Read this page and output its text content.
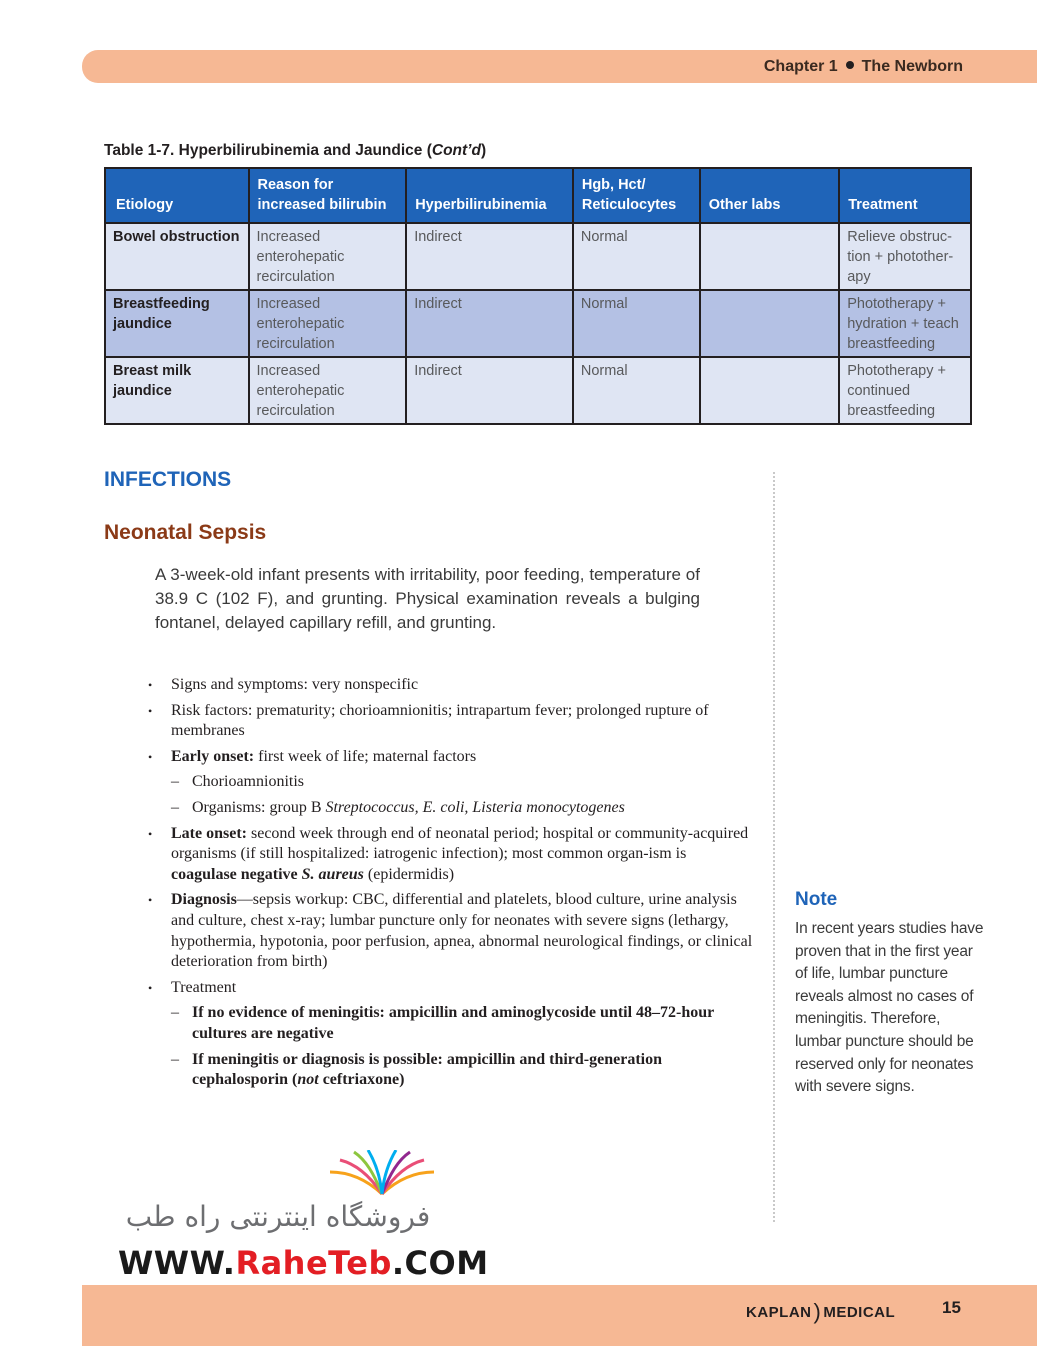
Chapter 1 The Newborn
Table 1-7. Hyperbilirubinemia and Jaundice (Cont’d)
Etiology	Reason for increased bilirubin	Hyperbilirubinemia	Hgb, Hct/ Reticulocytes	Other labs	Treatment
Bowel obstruction	Increased enterohepatic recirculation	Indirect	Normal		Relieve obstruc-tion + photother-apy
Breastfeeding jaundice	Increased enterohepatic recirculation	Indirect	Normal		Phototherapy + hydration + teach breastfeeding
Breast milk jaundice	Increased enterohepatic recirculation	Indirect	Normal		Phototherapy + continued breastfeeding
INFECTIONS
Neonatal Sepsis
A 3-week-old infant presents with irritability, poor feeding, temperature of 38.9 C (102 F), and grunting. Physical examination reveals a bulging fontanel, delayed capillary refill, and grunting.
• Signs and symptoms: very nonspecific
• Risk factors: prematurity; chorioamnionitis; intrapartum fever; prolonged rupture of membranes
• Early onset: first week of life; maternal factors
– Chorioamnionitis
– Organisms: group B Streptococcus, E. coli, Listeria monocytogenes
• Late onset: second week through end of neonatal period; hospital or community-acquired organisms (if still hospitalized: iatrogenic infection); most common organ-ism is coagulase negative S. aureus (epidermidis)
• Diagnosis—sepsis workup: CBC, differential and platelets, blood culture, urine analysis and culture, chest x-ray; lumbar puncture only for neonates with severe signs (lethargy, hypothermia, hypotonia, poor perfusion, apnea, abnormal neurological findings, or clinical deterioration from birth)
• Treatment
– If no evidence of meningitis: ampicillin and aminoglycoside until 48–72-hour cultures are negative
– If meningitis or diagnosis is possible: ampicillin and third-generation cephalosporin (not ceftriaxone)
Note
In recent years studies have proven that in the first year of life, lumbar puncture reveals almost no cases of meningitis. Therefore, lumbar puncture should be reserved only for neonates with severe signs.
فروشگاه اینترنتی راه طب
WWW.RaheTeb.COM
KAPLAN) MEDICAL	15
